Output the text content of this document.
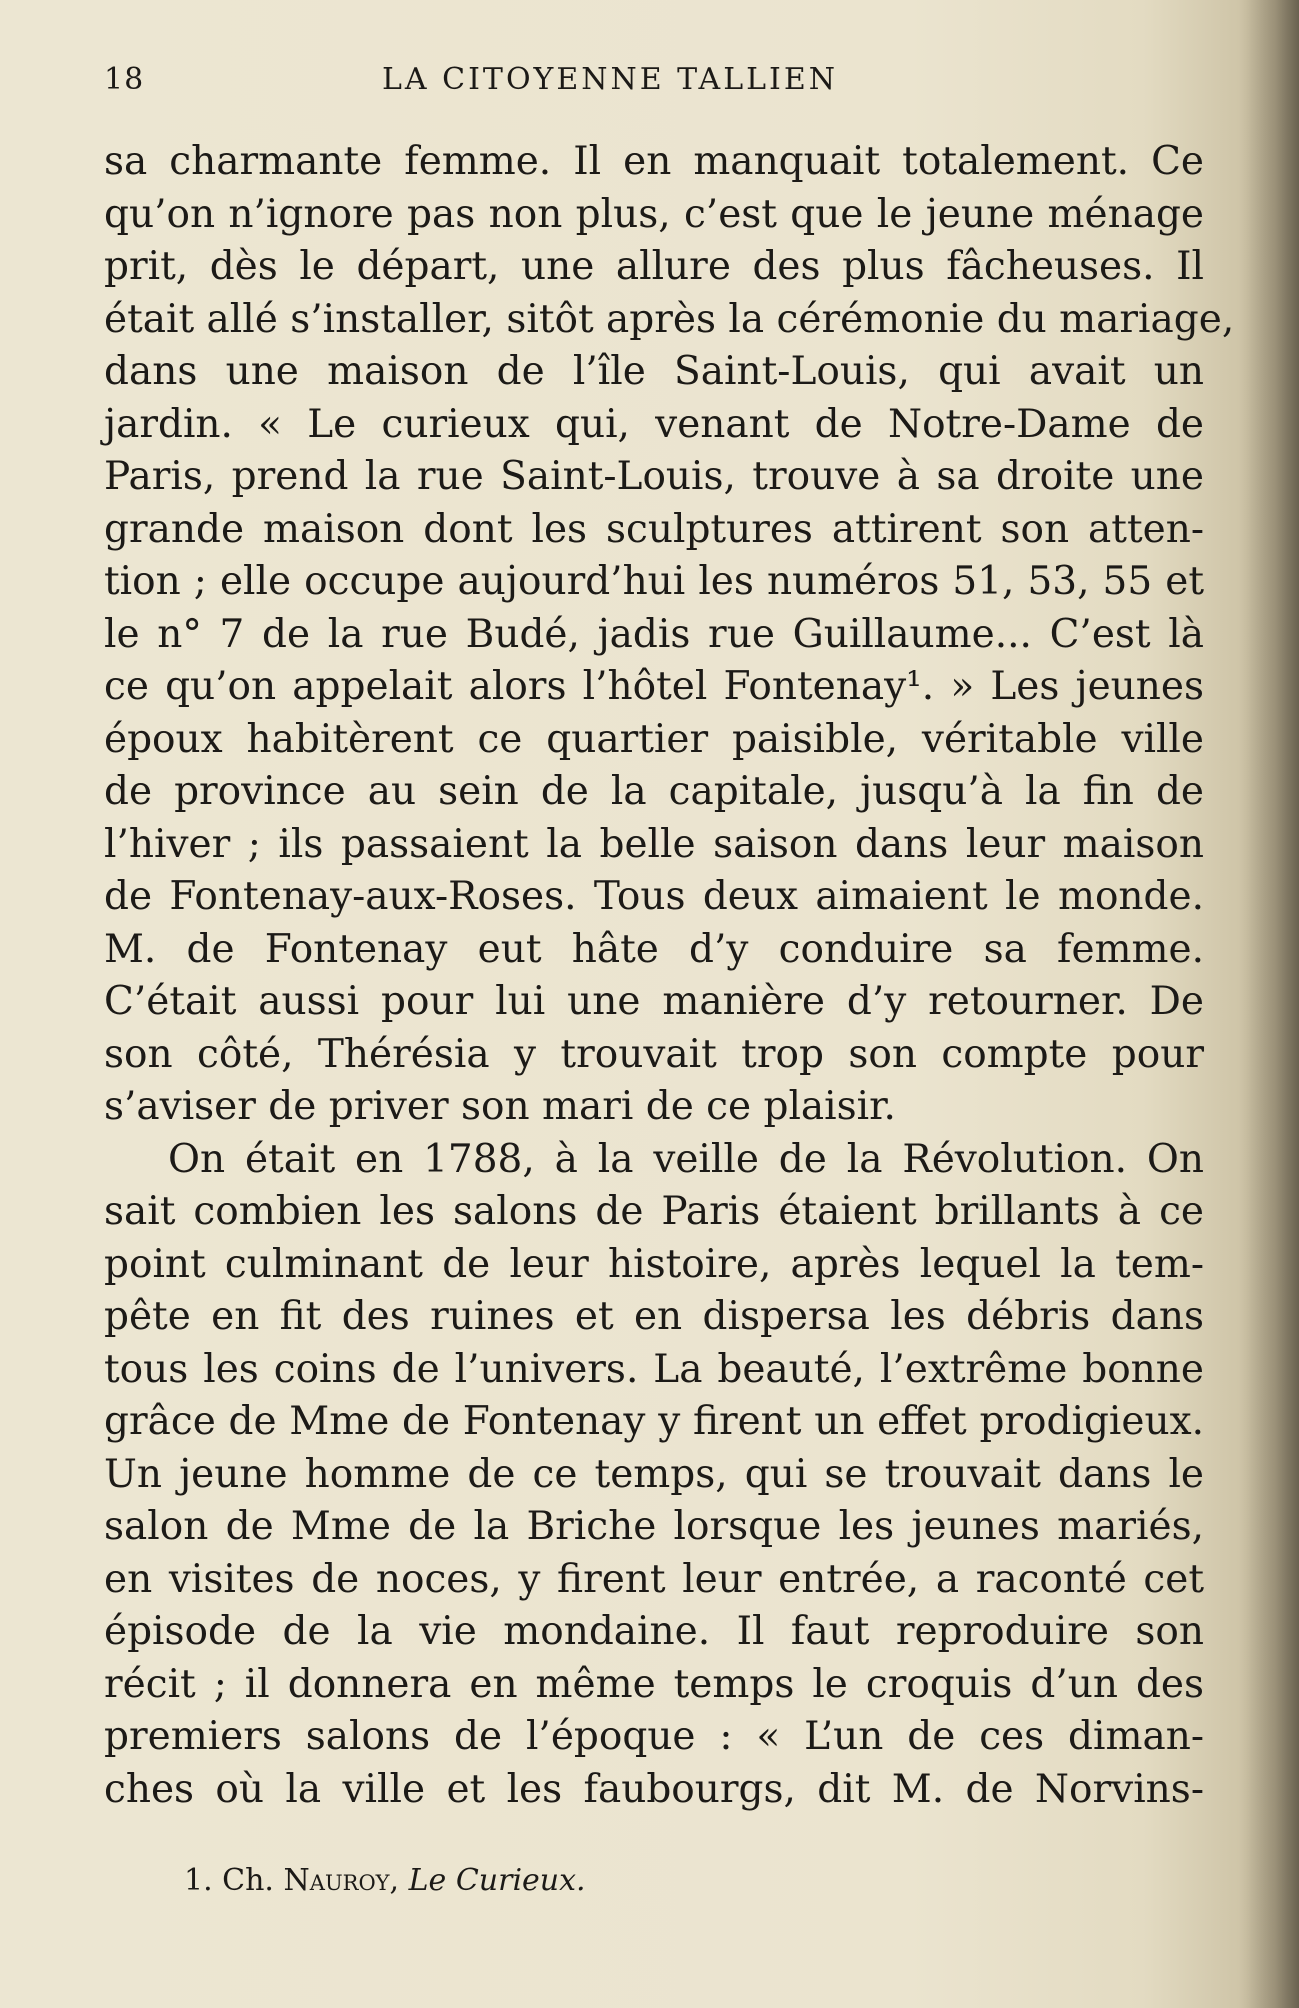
18	LA CITOYENNE TALLIEN
sa charmante femme. Il en manquait totalement. Ce
qu’on n’ignore pas non plus, c’est que le jeune ménage
prit, dès le départ, une allure des plus fâcheuses. Il
était allé s’installer, sitôt après la cérémonie du mariage,
dans une maison de l’île Saint-Louis, qui avait un
jardin. « Le curieux qui, venant de Notre-Dame de
Paris, prend la rue Saint-Louis, trouve à sa droite une
grande maison dont les sculptures attirent son atten-
tion ; elle occupe aujourd’hui les numéros 51, 53, 55 et
le n° 7 de la rue Budé, jadis rue Guillaume... C’est là
ce qu’on appelait alors l’hôtel Fontenay¹. » Les jeunes
époux habitèrent ce quartier paisible, véritable ville
de province au sein de la capitale, jusqu’à la fin de
l’hiver ; ils passaient la belle saison dans leur maison
de Fontenay-aux-Roses. Tous deux aimaient le monde.
M. de Fontenay eut hâte d’y conduire sa femme.
C’était aussi pour lui une manière d’y retourner. De
son côté, Thérésia y trouvait trop son compte pour
s’aviser de priver son mari de ce plaisir.
On était en 1788, à la veille de la Révolution. On
sait combien les salons de Paris étaient brillants à ce
point culminant de leur histoire, après lequel la tem-
pête en fit des ruines et en dispersa les débris dans
tous les coins de l’univers. La beauté, l’extrême bonne
grâce de Mme de Fontenay y firent un effet prodigieux.
Un jeune homme de ce temps, qui se trouvait dans le
salon de Mme de la Briche lorsque les jeunes mariés,
en visites de noces, y firent leur entrée, a raconté cet
épisode de la vie mondaine. Il faut reproduire son
récit ; il donnera en même temps le croquis d’un des
premiers salons de l’époque : « L’un de ces diman-
ches où la ville et les faubourgs, dit M. de Norvins-
1. Ch. Nauroy, Le Curieux.
